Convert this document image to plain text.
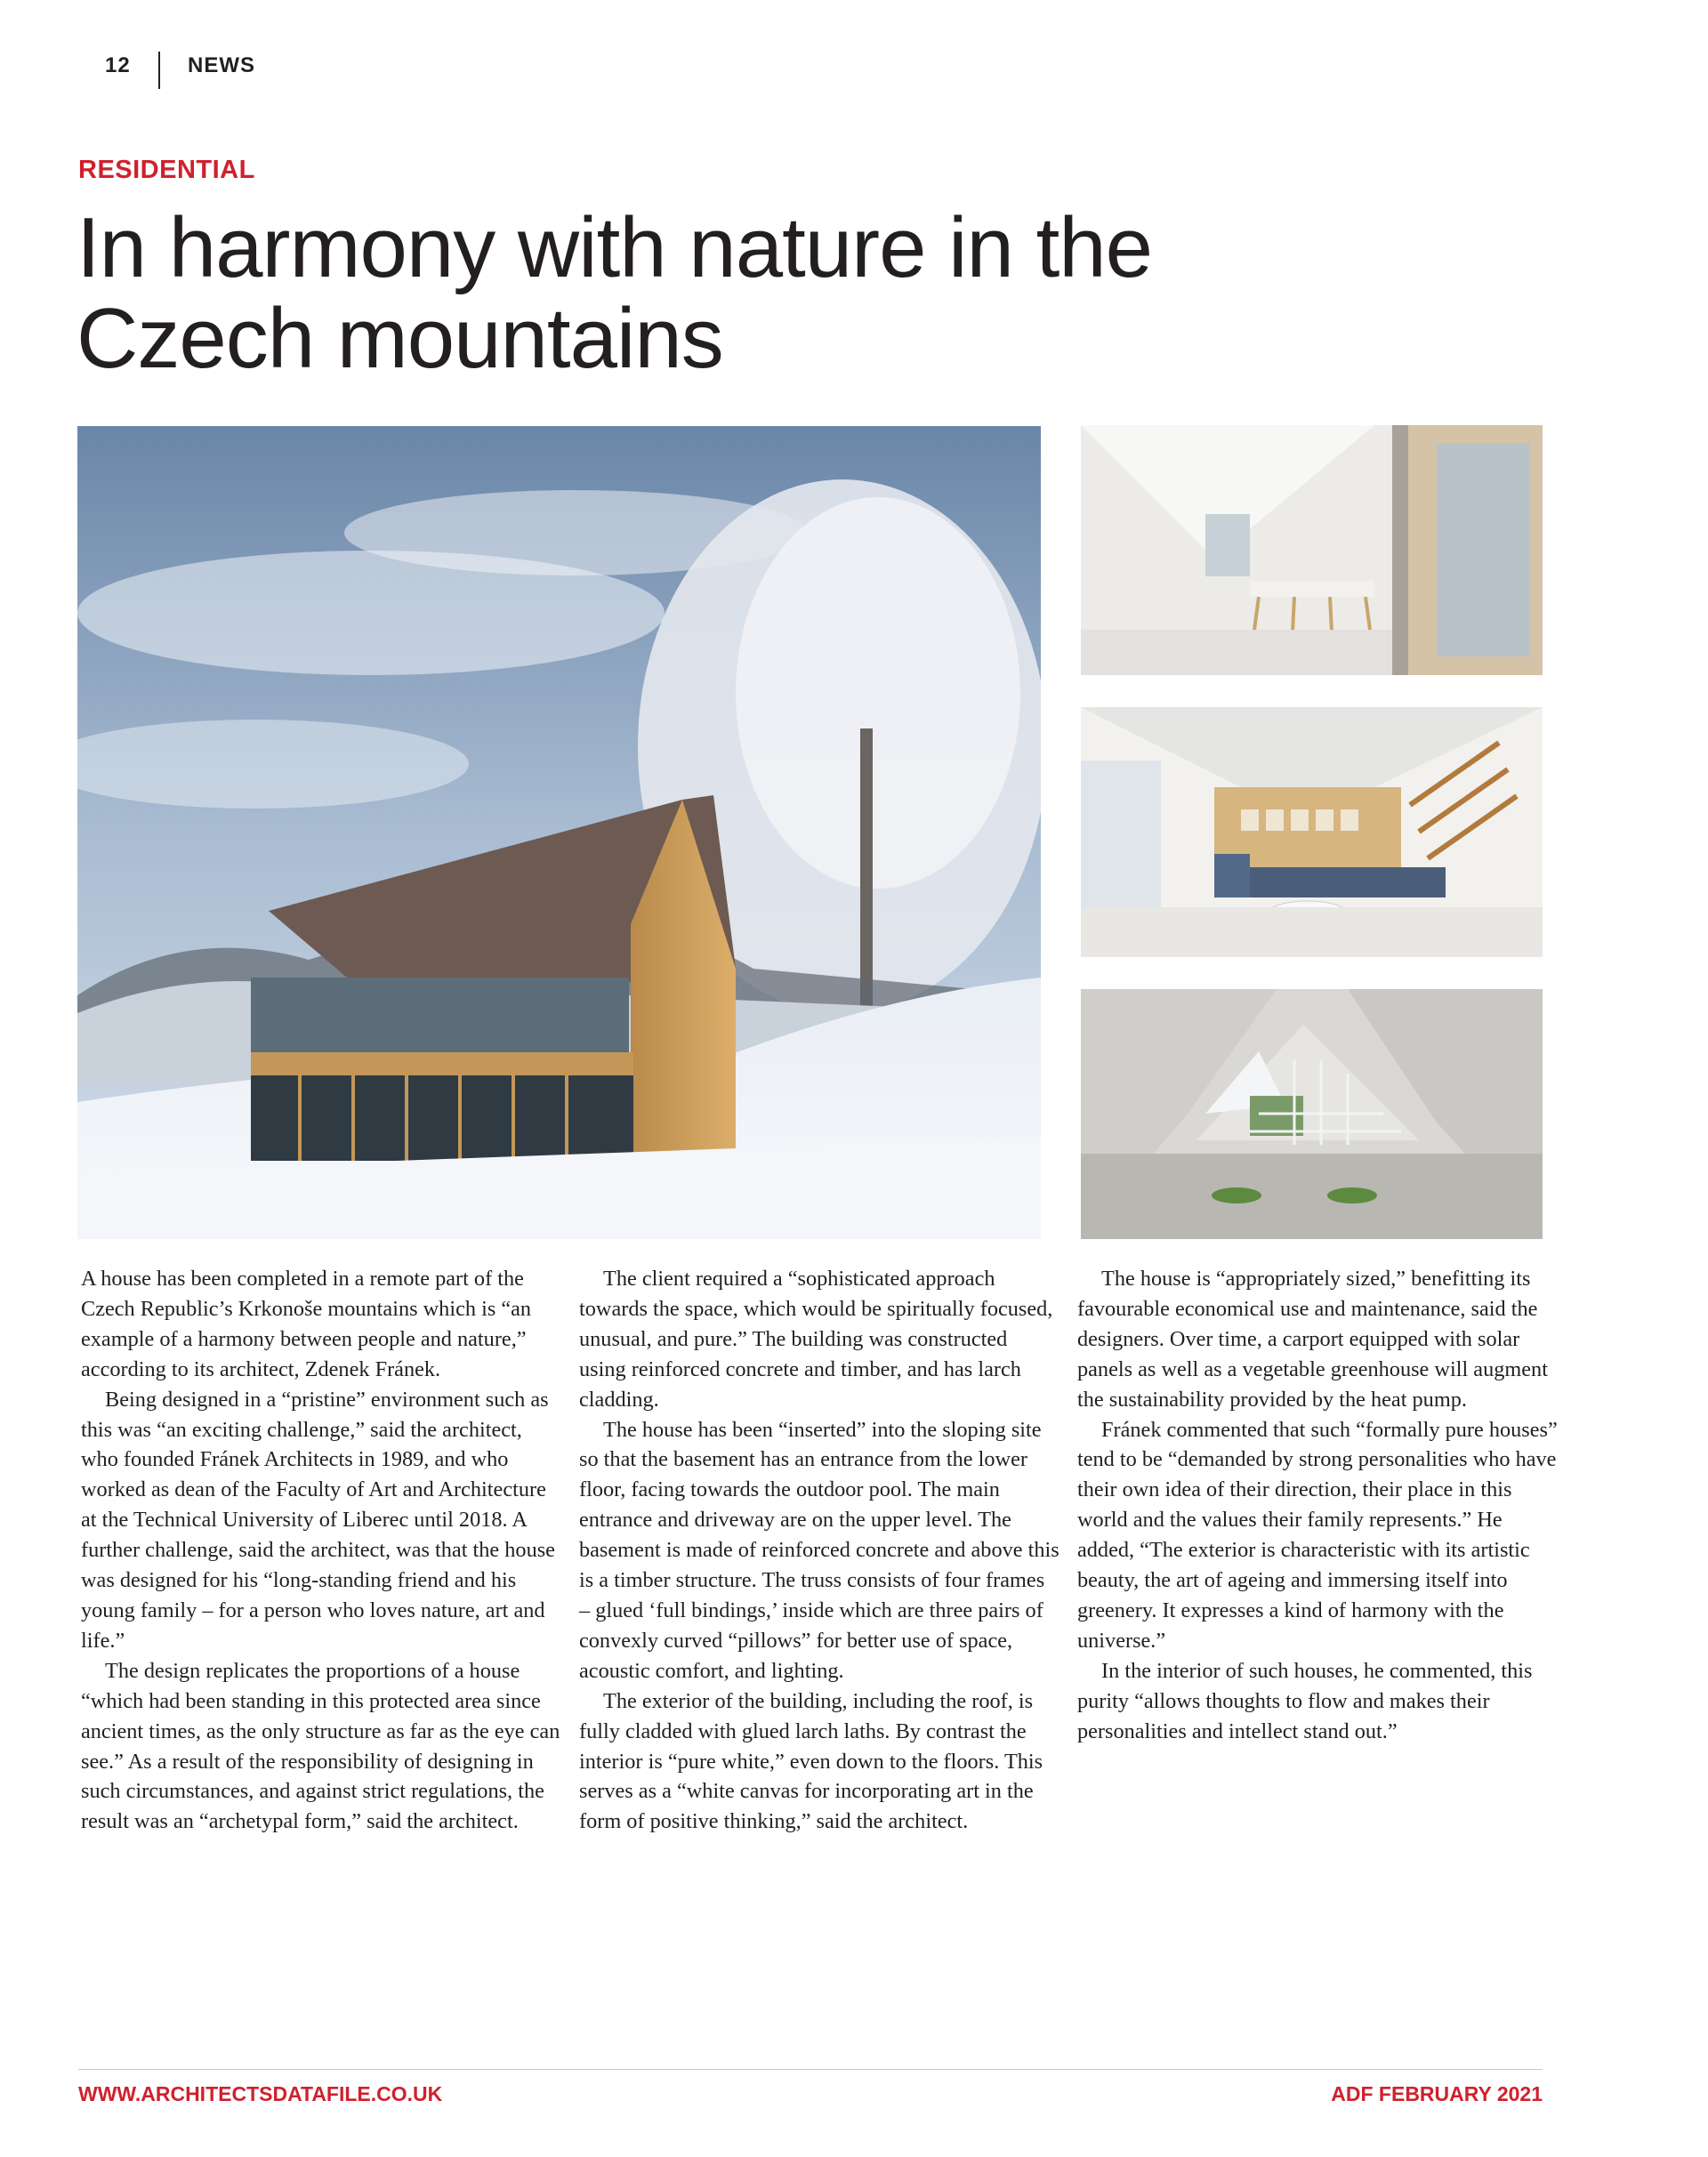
12	NEWS
RESIDENTIAL
In harmony with nature in the
Czech mountains

A house has been completed in a remote part of the Czech Republic’s Krkonoše mountains which is “an example of a harmony between people and nature,” according to its architect, Zdenek Fránek.

Being designed in a “pristine” environment such as this was “an exciting challenge,” said the architect, who founded Fránek Architects in 1989, and who worked as dean of the Faculty of Art and Architecture at the Technical University of Liberec until 2018. A further challenge, said the architect, was that the house was designed for his “long-standing friend and his young family – for a person who loves nature, art and life.”

The design replicates the proportions of a house “which had been standing in this protected area since ancient times, as the only structure as far as the eye can see.” As a result of the responsibility of designing in such circumstances, and against strict regulations, the result was an “archetypal form,” said the architect.

The client required a “sophisticated approach towards the space, which would be spiritually focused, unusual, and pure.” The building was constructed using reinforced concrete and timber, and has larch cladding.

The house has been “inserted” into the sloping site so that the basement has an entrance from the lower floor, facing towards the outdoor pool. The main entrance and driveway are on the upper level. The basement is made of reinforced concrete and above this is a timber structure. The truss consists of four frames – glued ‘full bindings,’ inside which are three pairs of convexly curved “pillows” for better use of space, acoustic comfort, and lighting.

The exterior of the building, including the roof, is fully cladded with glued larch laths. By contrast the interior is “pure white,” even down to the floors. This serves as a “white canvas for incorporating art in the form of positive thinking,” said the architect.

The house is “appropriately sized,” benefitting its favourable economical use and maintenance, said the designers. Over time, a carport equipped with solar panels as well as a vegetable greenhouse will augment the sustainability provided by the heat pump.

Fránek commented that such “formally pure houses” tend to be “demanded by strong personalities who have their own idea of their direction, their place in this world and the values their family represents.” He added, “The exterior is characteristic with its artistic beauty, the art of ageing and immersing itself into greenery. It expresses a kind of harmony with the universe.”

In the interior of such houses, he commented, this purity “allows thoughts to flow and makes their personalities and intellect stand out.”

WWW.ARCHITECTSDATAFILE.CO.UK	ADF FEBRUARY 2021
